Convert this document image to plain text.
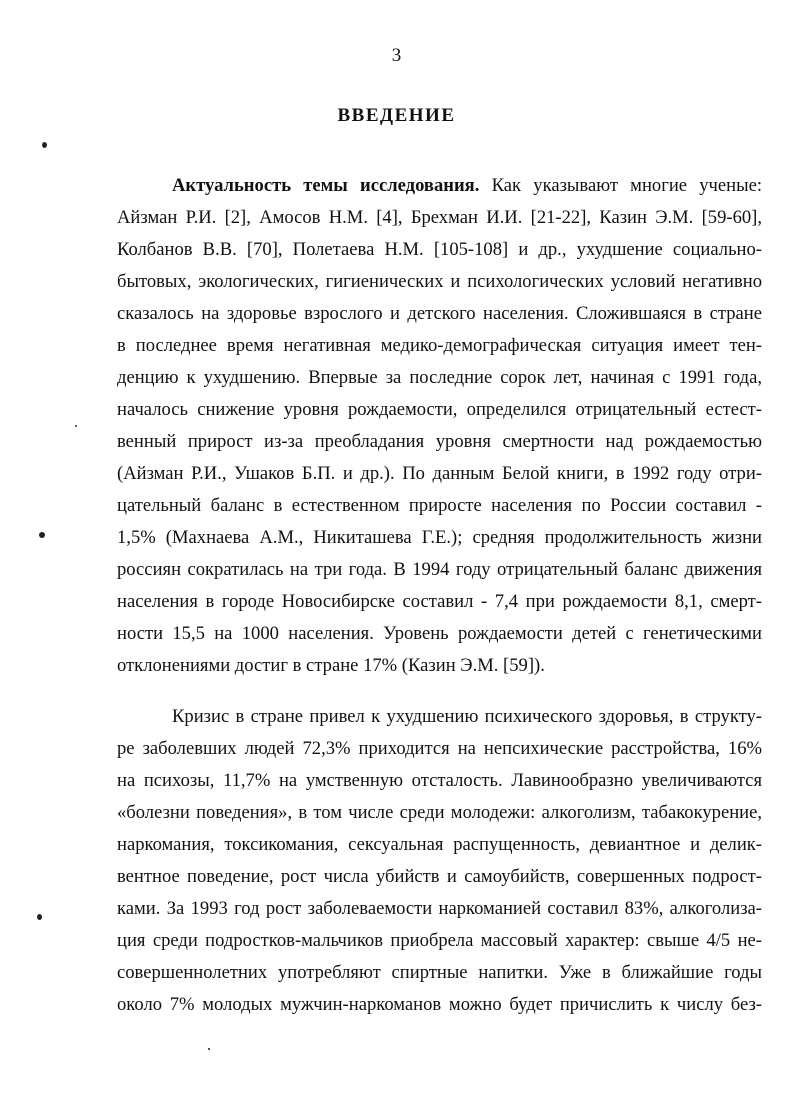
3
ВВЕДЕНИЕ
Актуальность темы исследования. Как указывают многие ученые:
Айзман Р.И. [2], Амосов Н.М. [4], Брехман И.И. [21-22], Казин Э.М. [59-60],
Колбанов В.В. [70], Полетаева Н.М. [105-108] и др., ухудшение социально-
бытовых, экологических, гигиенических и психологических условий негативно
сказалось на здоровье взрослого и детского населения. Сложившаяся в стране
в последнее время негативная медико-демографическая ситуация имеет тен-
денцию к ухудшению. Впервые за последние сорок лет, начиная с 1991 года,
началось снижение уровня рождаемости, определился отрицательный естест-
венный прирост из-за преобладания уровня смертности над рождаемостью
(Айзман Р.И., Ушаков Б.П. и др.). По данным Белой книги, в 1992 году отри-
цательный баланс в естественном приросте населения по России составил -
1,5% (Махнаева А.М., Никиташева Г.Е.); средняя продолжительность жизни
россиян сократилась на три года. В 1994 году отрицательный баланс движения
населения в городе Новосибирске составил - 7,4 при рождаемости 8,1, смерт-
ности 15,5 на 1000 населения. Уровень рождаемости детей с генетическими
отклонениями достиг в стране 17% (Казин Э.М. [59]).
Кризис в стране привел к ухудшению психического здоровья, в структу-
ре заболевших людей 72,3% приходится на непсихические расстройства, 16%
на психозы, 11,7% на умственную отсталость. Лавинообразно увеличиваются
«болезни поведения», в том числе среди молодежи: алкоголизм, табакокурение,
наркомания, токсикомания, сексуальная распущенность, девиантное и делик-
вентное поведение, рост числа убийств и самоубийств, совершенных подрост-
ками. За 1993 год рост заболеваемости наркоманией составил 83%, алкоголиза-
ция среди подростков-мальчиков приобрела массовый характер: свыше 4/5 не-
совершеннолетних употребляют спиртные напитки. Уже в ближайшие годы
около 7% молодых мужчин-наркоманов можно будет причислить к числу без-
